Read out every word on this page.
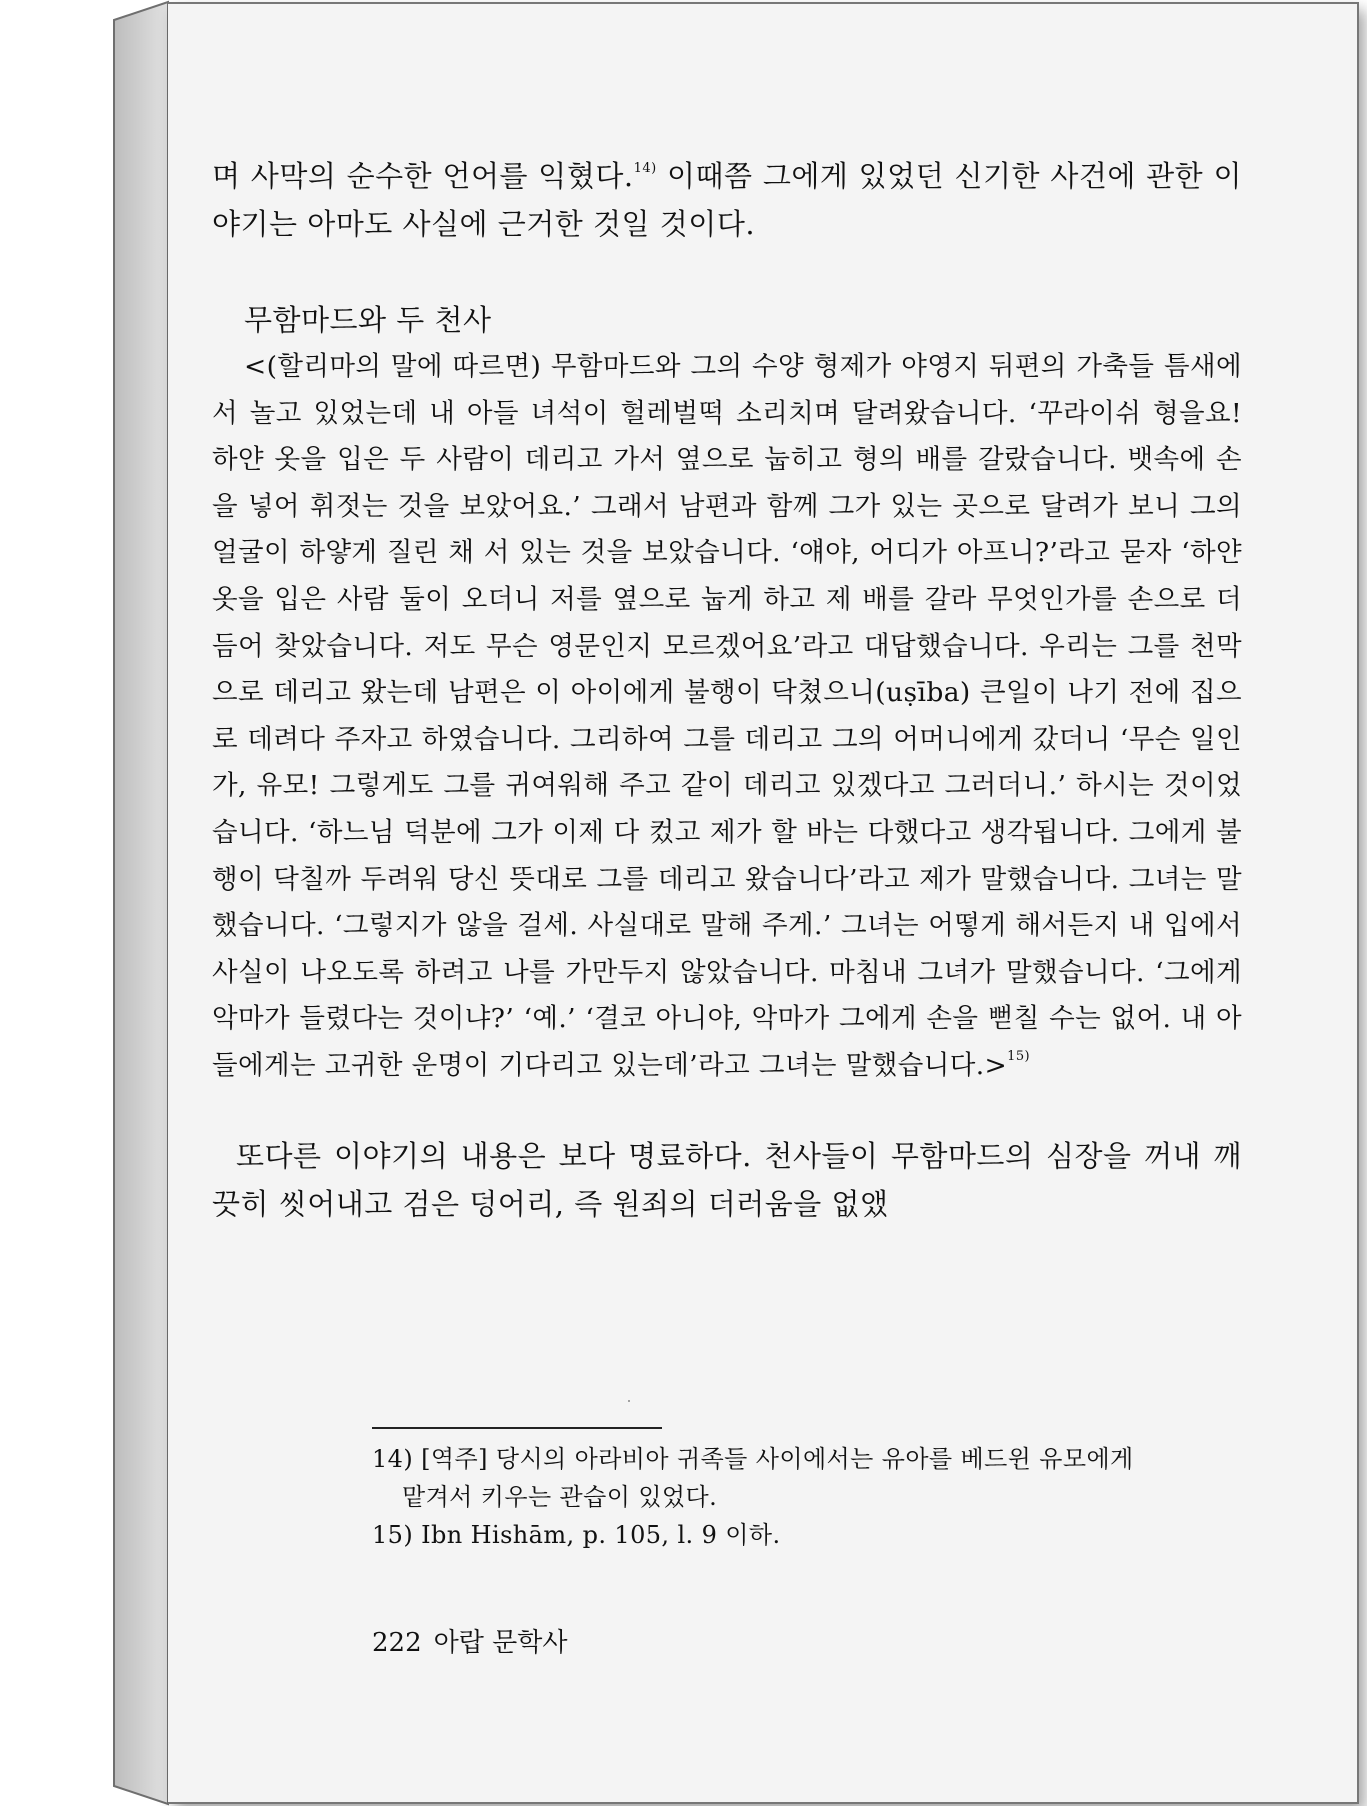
며 사막의 순수한 언어를 익혔다.$^{14)}$ 이때쯤 그에게 있었던 신기한 사건에 관한 이야기는 아마도 사실에 근거한 것일 것이다.

무함마드와 두 천사

<(할리마의 말에 따르면) 무함마드와 그의 수양 형제가 야영지 뒤편의 가축들 틈새에서 놀고 있었는데 내 아들 녀석이 헐레벌떡 소리치며 달려왔습니다. ‘꾸라이쉬 형을요! 하얀 옷을 입은 두 사람이 데리고 가서 옆으로 눕히고 형의 배를 갈랐습니다. 뱃속에 손을 넣어 휘젓는 것을 보았어요.’ 그래서 남편과 함께 그가 있는 곳으로 달려가 보니 그의 얼굴이 하얗게 질린 채 서 있는 것을 보았습니다. ‘얘야, 어디가 아프니?’라고 묻자 ‘하얀 옷을 입은 사람 둘이 오더니 저를 옆으로 눕게 하고 제 배를 갈라 무엇인가를 손으로 더듬어 찾았습니다. 저도 무슨 영문인지 모르겠어요’라고 대답했습니다. 우리는 그를 천막으로 데리고 왔는데 남편은 이 아이에게 불행이 닥쳤으니(uṣība) 큰일이 나기 전에 집으로 데려다 주자고 하였습니다. 그리하여 그를 데리고 그의 어머니에게 갔더니 ‘무슨 일인가, 유모! 그렇게도 그를 귀여워해 주고 같이 데리고 있겠다고 그러더니.’ 하시는 것이었습니다. ‘하느님 덕분에 그가 이제 다 컸고 제가 할 바는 다했다고 생각됩니다. 그에게 불행이 닥칠까 두려워 당신 뜻대로 그를 데리고 왔습니다’라고 제가 말했습니다. 그녀는 말했습니다. ‘그렇지가 않을 걸세. 사실대로 말해 주게.’ 그녀는 어떻게 해서든지 내 입에서 사실이 나오도록 하려고 나를 가만두지 않았습니다. 마침내 그녀가 말했습니다. ‘그에게 악마가 들렸다는 것이냐?’ ‘예.’ ‘결코 아니야, 악마가 그에게 손을 뻗칠 수는 없어. 내 아들에게는 고귀한 운명이 기다리고 있는데’라고 그녀는 말했습니다.>$^{15)}$

또다른 이야기의 내용은 보다 명료하다. 천사들이 무함마드의 심장을 꺼내 깨끗히 씻어내고 검은 덩어리, 즉 원죄의 더러움을 없앴

14) [역주] 당시의 아라비아 귀족들 사이에서는 유아를 베드윈 유모에게
맡겨서 키우는 관습이 있었다.

15) Ibn Hishām, p. 105, l. 9 이하.

222 아랍 문학사
